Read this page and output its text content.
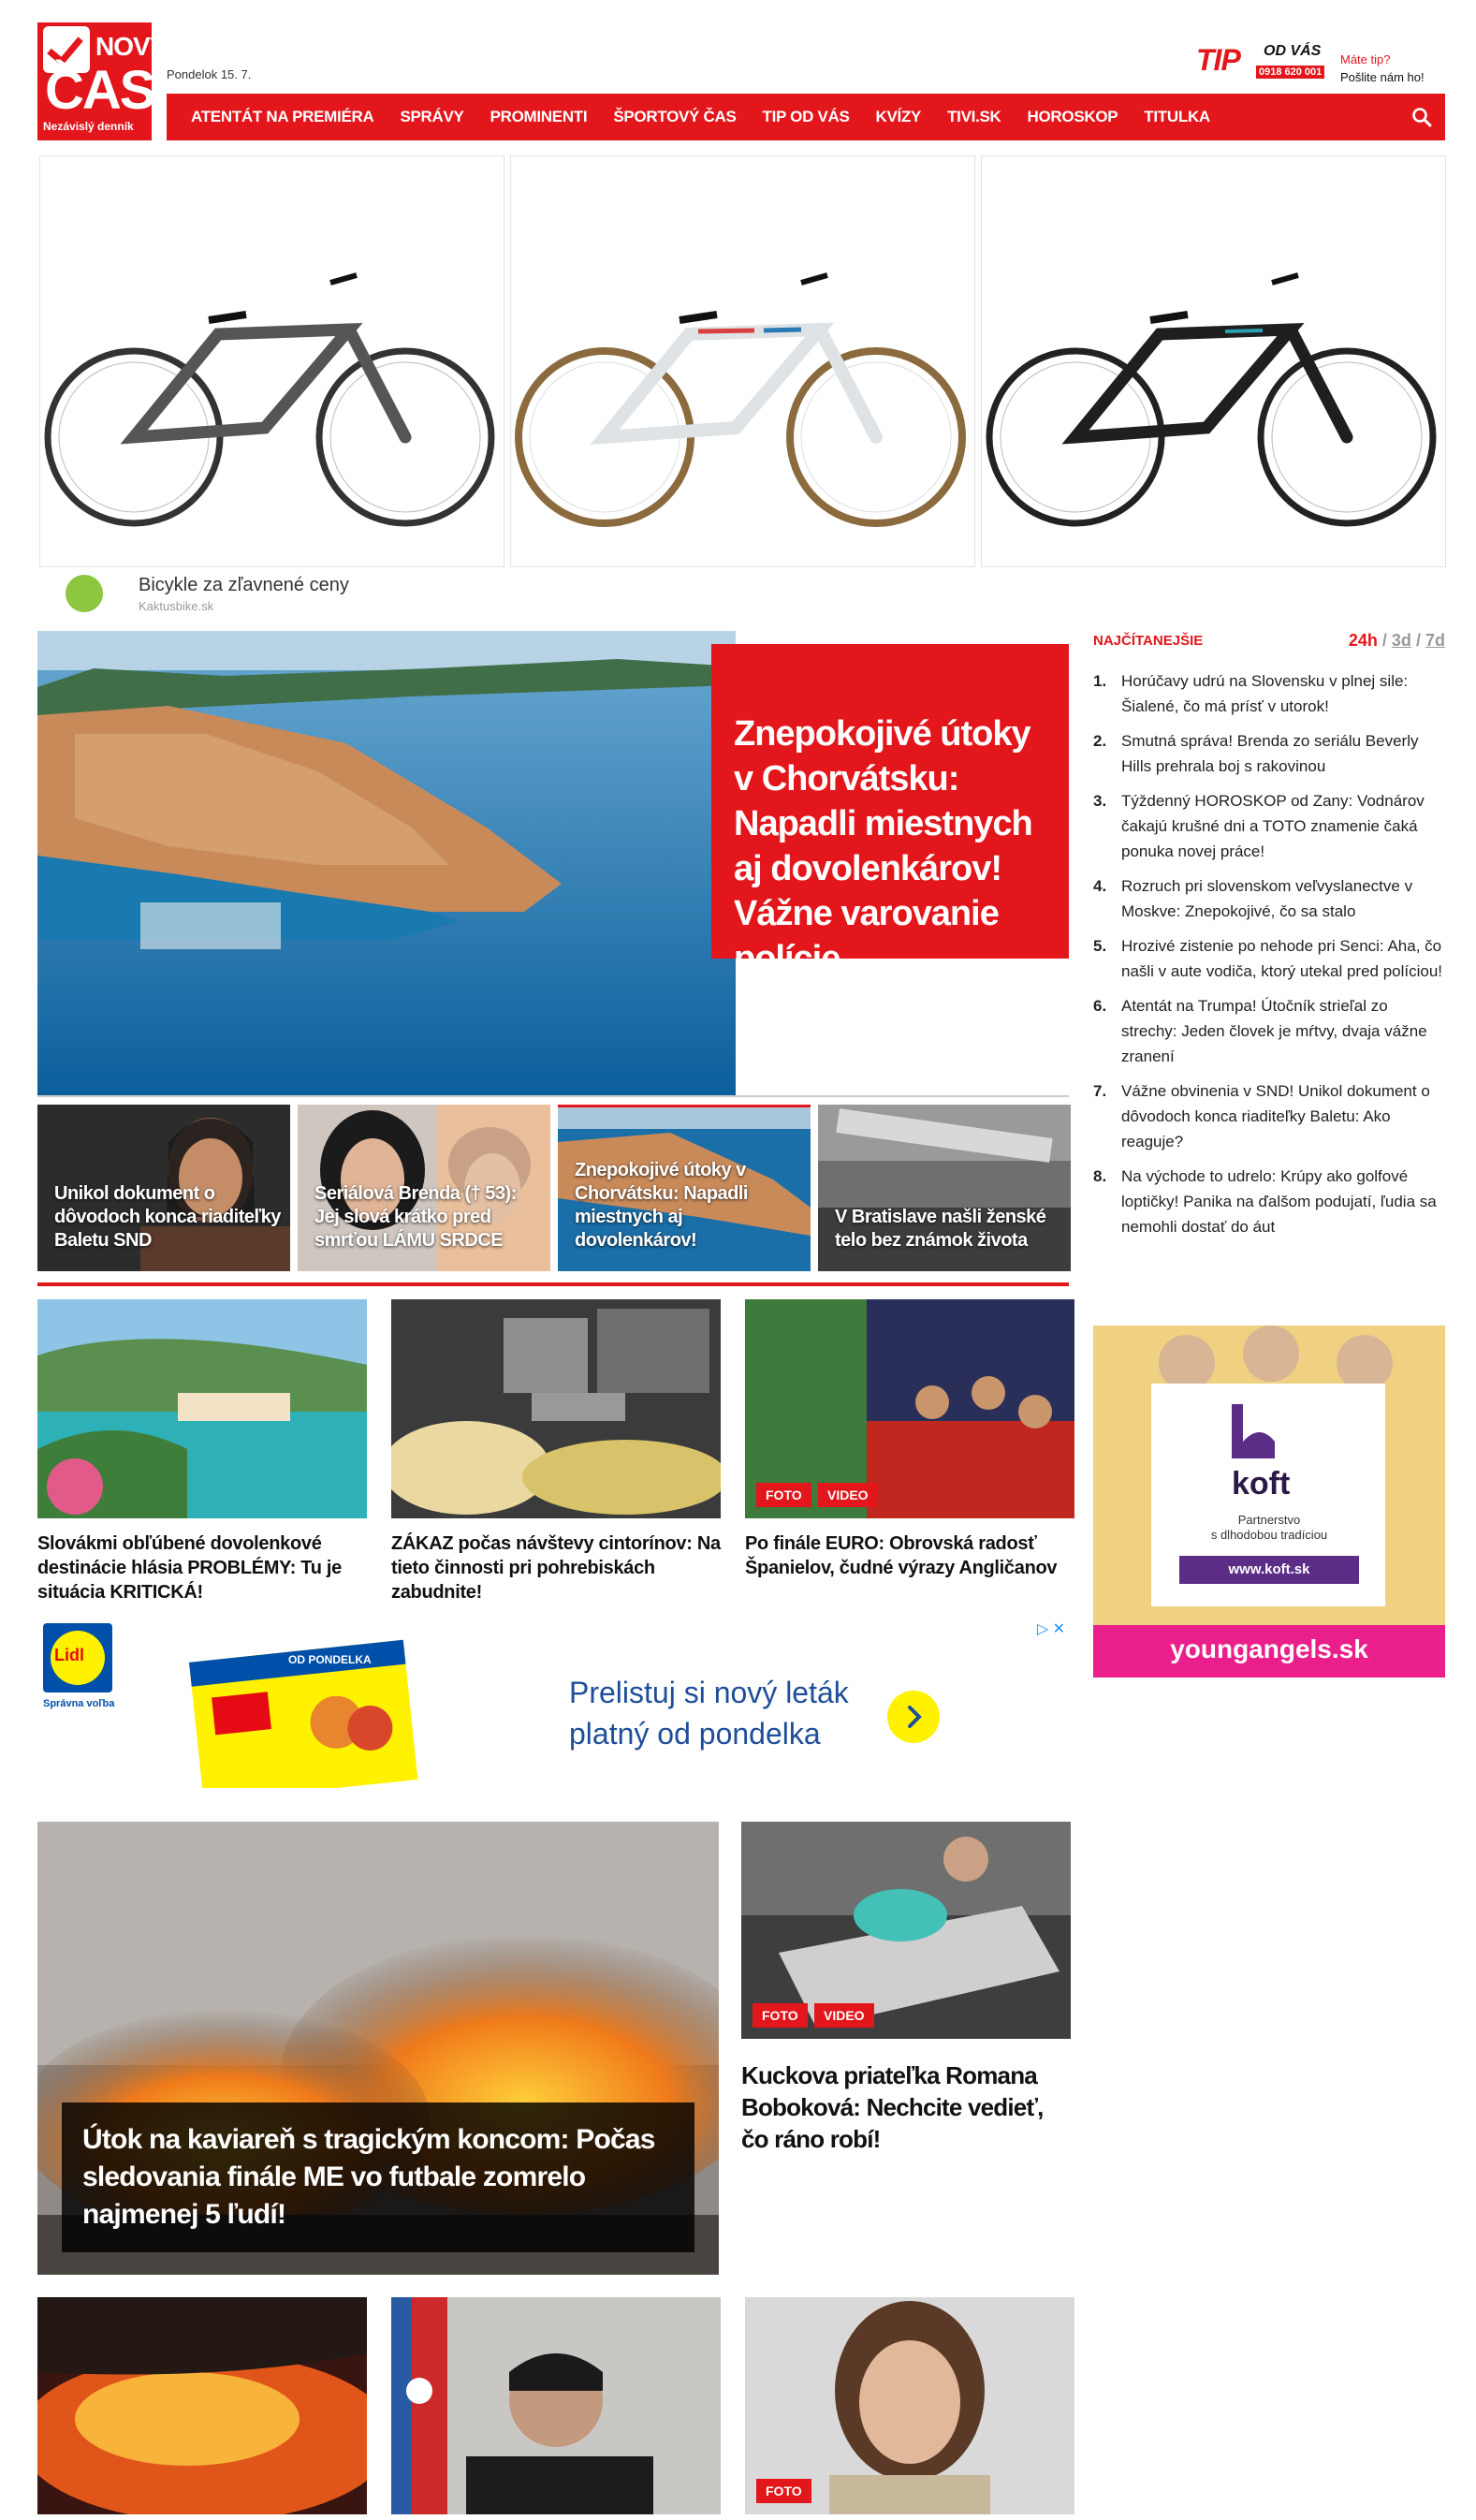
NOVÝ
ČAS
Nezávislý denník
Pondelok 15. 7.	TIP OD VÁS
0918 620 001
Máte tip?
Pošlite nám ho!
ATENTÁT NA PREMIÉRA SPRÁVY PROMINENTI ŠPORTOVÝ ČAS TIP OD VÁS KVÍZY TIVI.SK HOROSKOP TITULKA
Bicykle za zľavnené ceny
Kaktusbike.sk
Znepokojivé útoky v Chorvátsku: Napadli miestnych aj dovolenkárov! Vážne varovanie polície
Unikol dokument o dôvodoch konca riaditeľky Baletu SND
Seriálová Brenda († 53): Jej slová krátko pred smrťou LÁMU SRDCE
Znepokojivé útoky v Chorvátsku: Napadli miestnych aj dovolenkárov!
V Bratislave našli ženské telo bez známok života
Slovákmi obľúbené dovolenkové destinácie hlásia PROBLÉMY: Tu je situácia KRITICKÁ!
ZÁKAZ počas návštevy cintorínov: Na tieto činnosti pri pohrebiskách zabudnite!
FOTO	VIDEO
Po finále EURO: Obrovská radosť Španielov, čudné výrazy Angličanov
Lidl
Správna voľba
OD PONDELKA
Prelistuj si nový leták
platný od pondelka
▷ ✕
Útok na kaviareň s tragickým koncom: Počas sledovania finále ME vo futbale zomrelo najmenej 5 ľudí!
FOTO	VIDEO
Kuckova priateľka Romana Boboková: Nechcite vedieť, čo ráno robí!
FOTO
NAJČÍTANEJŠIE	24h / 3d / 7d
1. Horúčavy udrú na Slovensku v plnej sile: Šialené, čo má prísť v utorok!
2. Smutná správa! Brenda zo seriálu Beverly Hills prehrala boj s rakovinou
3. Týždenný HOROSKOP od Zany: Vodnárov čakajú krušné dni a TOTO znamenie čaká ponuka novej práce!
4. Rozruch pri slovenskom veľvyslanectve v Moskve: Znepokojivé, čo sa stalo
5. Hrozivé zistenie po nehode pri Senci: Aha, čo našli v aute vodiča, ktorý utekal pred políciou!
6. Atentát na Trumpa! Útočník strieľal zo strechy: Jeden človek je mŕtvy, dvaja vážne zranení
7. Vážne obvinenia v SND! Unikol dokument o dôvodoch konca riaditeľky Baletu: Ako reaguje?
8. Na východe to udrelo: Krúpy ako golfové loptičky! Panika na ďalšom podujatí, ľudia sa nemohli dostať do áut
koft
Partnerstvo
s dlhodobou tradíciou
www.koft.sk
youngangels.sk
